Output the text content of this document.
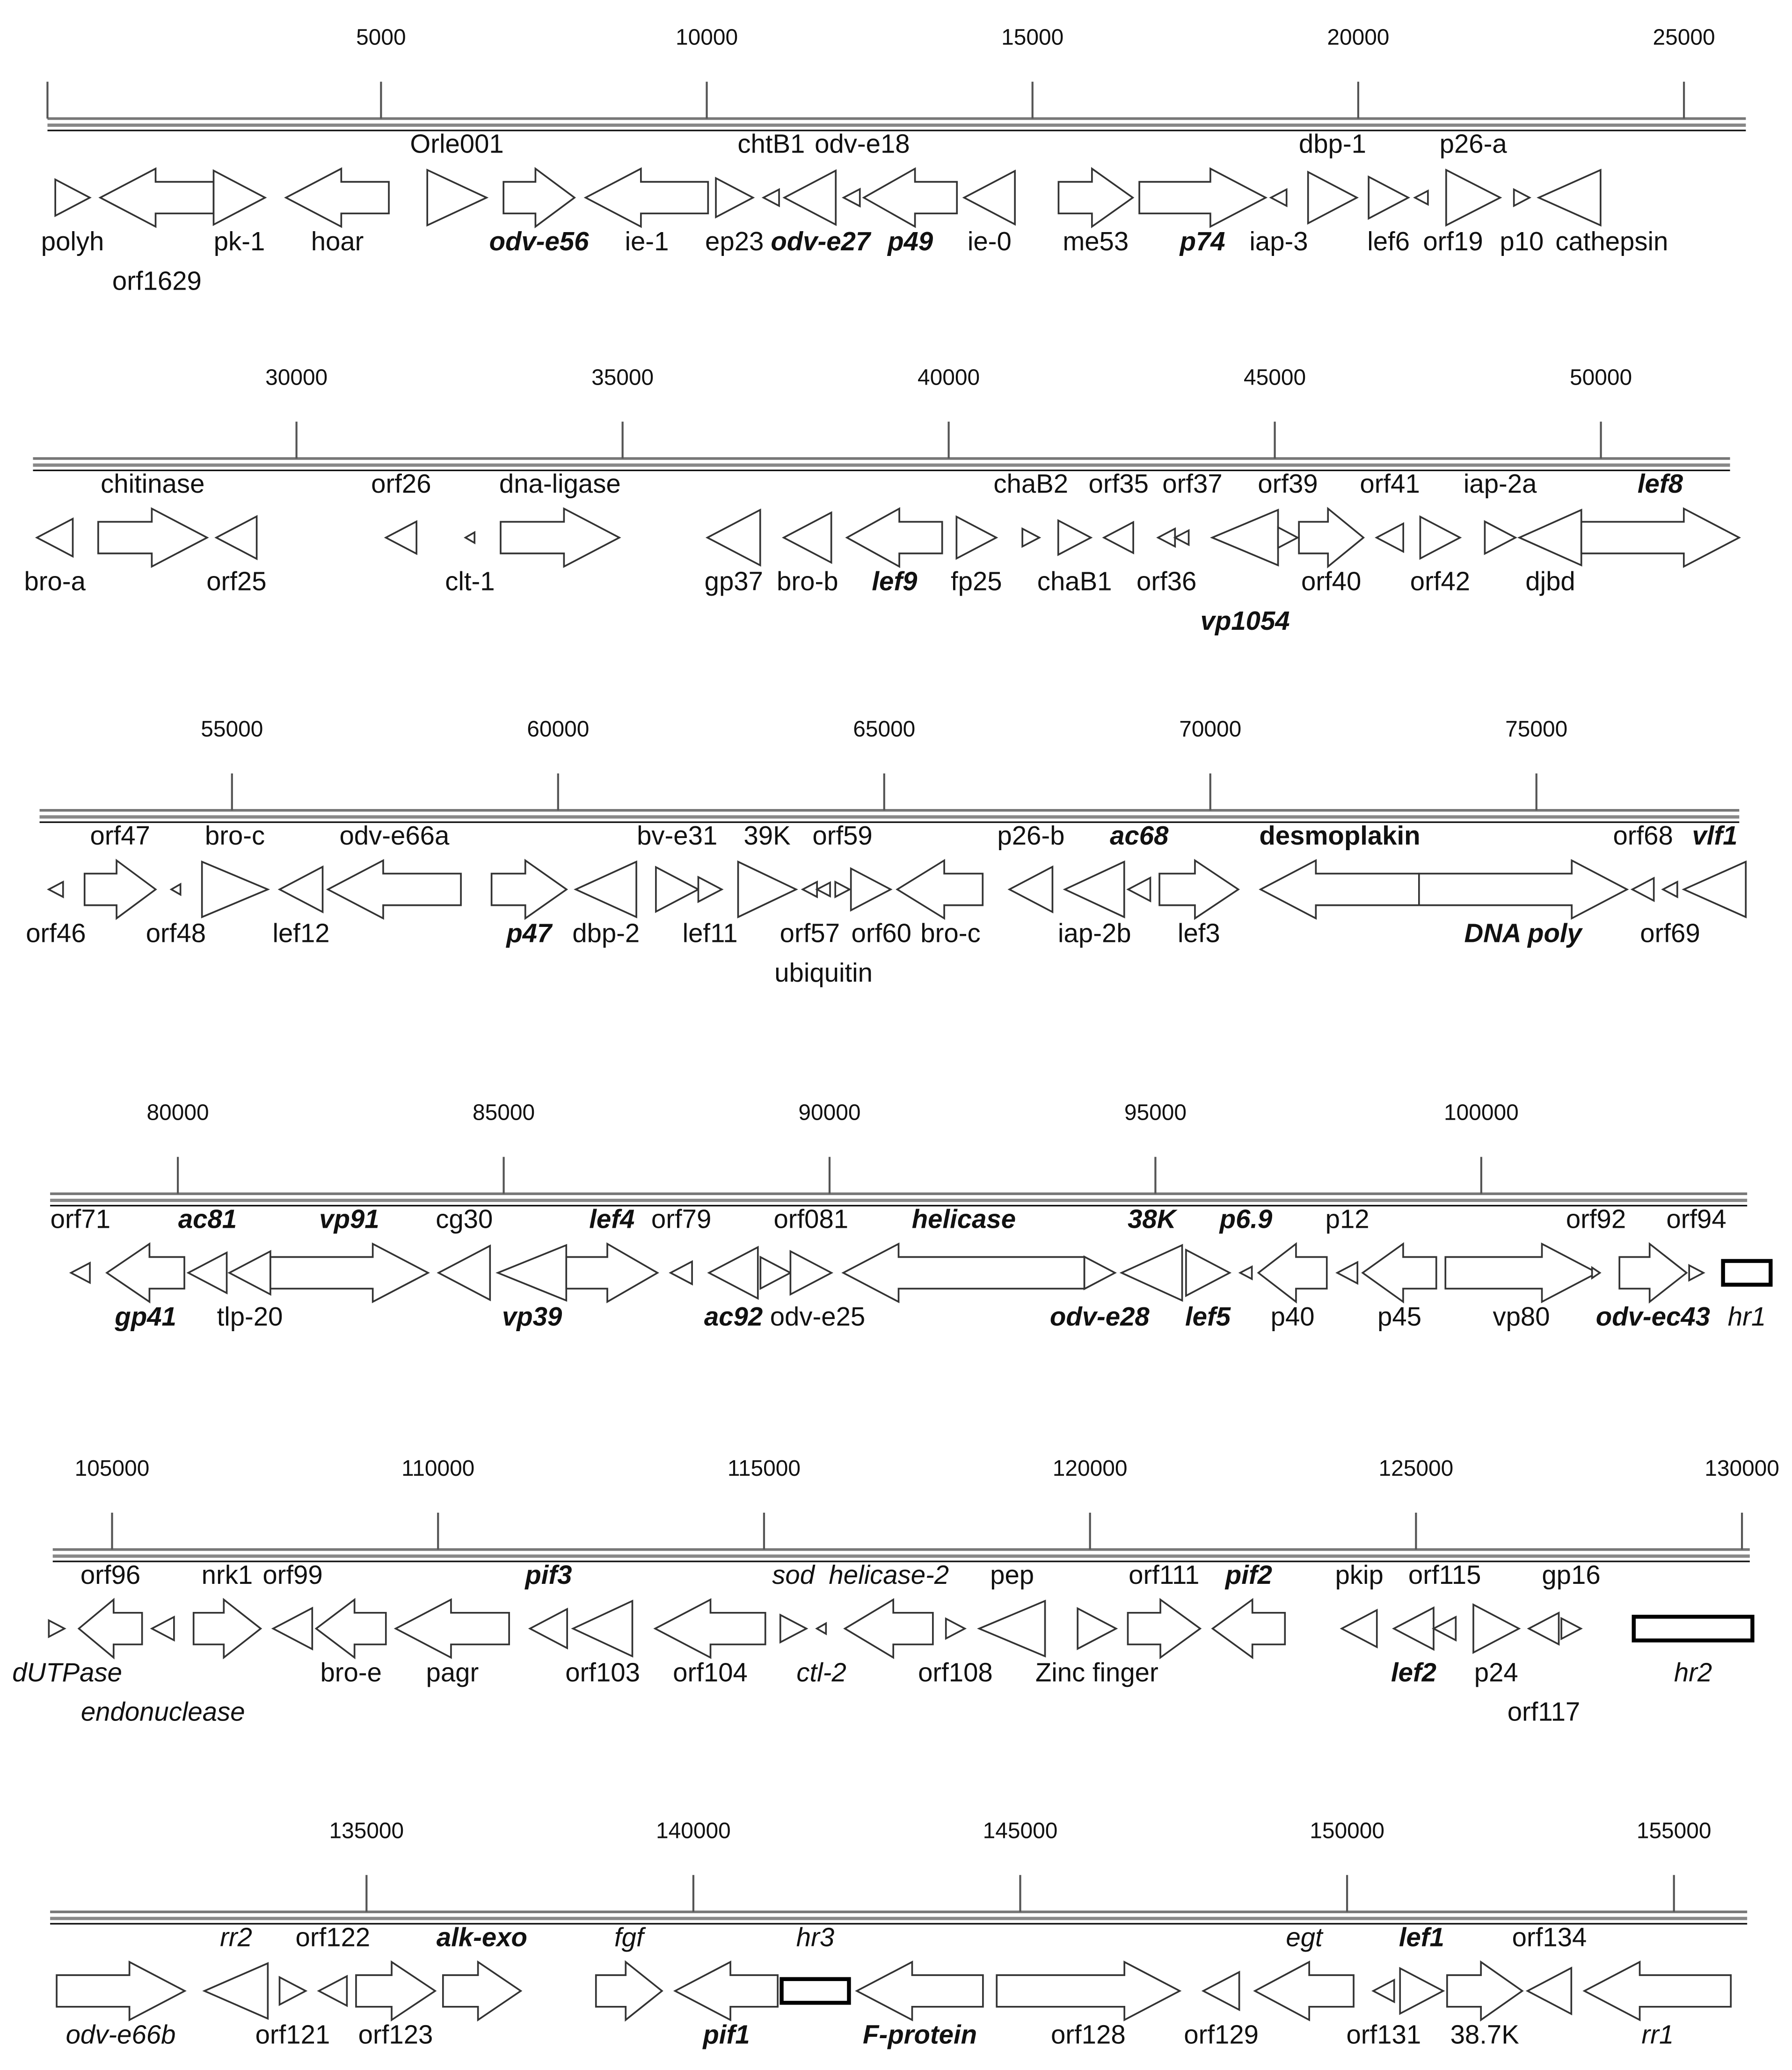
5000	10000	15000	20000	25000
polyh
orf1629
pk-1	hoar
Orle001
odv-e56	ie-1	ep23
chtB1
odv-e27
odv-e18
p49	ie-0	me53	p74	iap-3
dbp-1
lef6 orf19
p26-a
p10 cathepsin
30000	35000	40000	45000	50000
bro-a
chitinase
orf25
orf26
clt-1
dna-ligase
gp37 bro-b	lef9	fp25
chaB2
chaB1
orf35
orf36
orf37
vp1054
orf39
orf40
orf41
orf42
iap-2a
djbd
lef8
55000	60000	65000	70000	75000
orf46
orf47
orf48
bro-c
lef12
odv-e66a
p47 dbp-2
bv-e31
lef11
39K
orf57
ubiquitin
orf59
orf60 bro-c
p26-b
iap-2b
ac68
lef3
desmoplakin
DNA poly
orf68
orf69
vlf1
80000	85000	90000	95000	100000
orf71
gp41
ac81
tlp-20
vp91	cg30
vp39
lef4 orf79
ac92 odv-e25
orf081	helicase
odv-e28
38K
lef5
p6.9
p40
p12
p45	vp80
orf92
odv-ec43
orf94
hr1
105000	110000	115000	120000	125000	130000
dUTPase
orf96
endonuclease
nrk1 orf99
bro-e	pagr
pif3
orf103	orf104
sod
ctl-2
helicase-2
orf108
pep
Zinc finger
orf111	pif2	pkip
lef2
orf115
p24
orf117
gp16
hr2
135000	140000	145000	150000	155000
odv-e66b
rr2
orf121
orf122
orf123
alk-exo	fgf
pif1
hr3
F-protein	orf128	orf129
egt
orf131
lef1
38.7K
orf134
rr1
